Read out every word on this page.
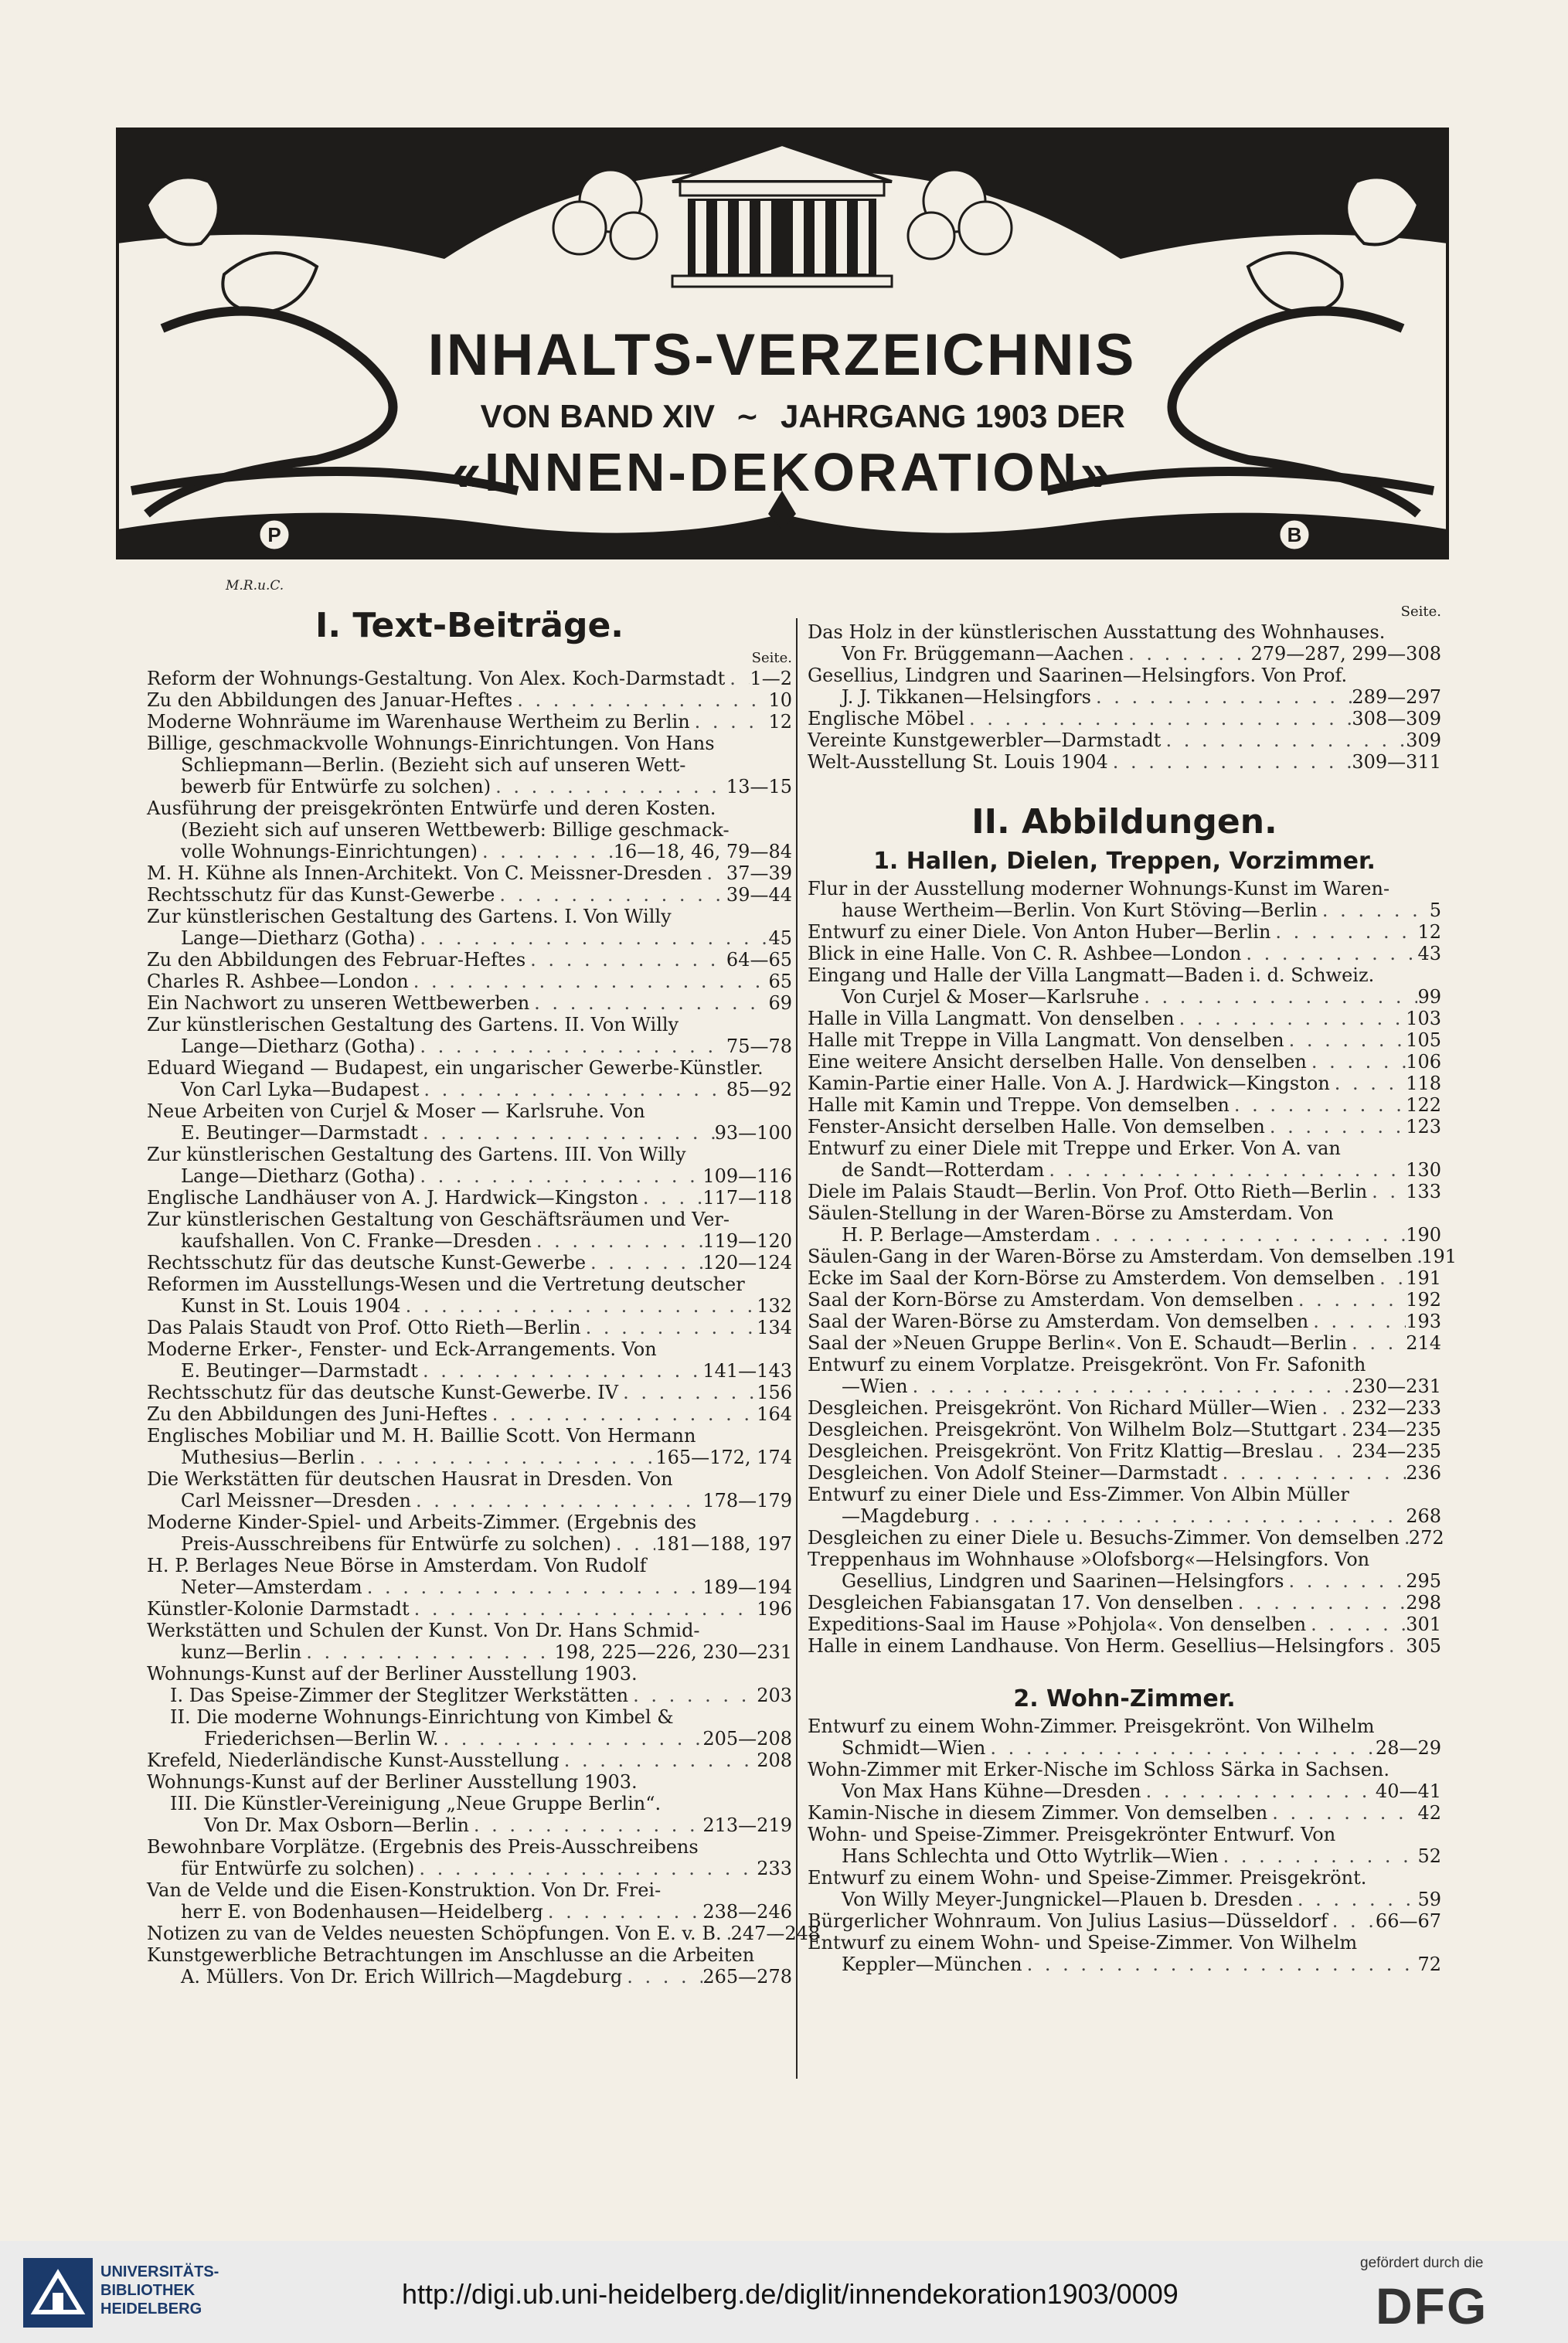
P	B
INHALTS-VERZEICHNIS
VON BAND XIV ~ JAHRGANG 1903 DER
«INNEN-DEKORATION»
M.R.u.C.
I. Text-Beiträge.
Seite.
Reform der Wohnungs-Gestaltung. Von Alex. Koch-Darmstadt . . . 1—2
Zu den Abbildungen des Januar-Heftes . . .	10
Moderne Wohnräume im Warenhause Wertheim zu Berlin . . .	12
Billige, geschmackvolle Wohnungs-Einrichtungen. Von Hans Schliepmann—Berlin. (Bezieht sich auf unseren Wett-
bewerb für Entwürfe zu solchen) . . .	13—15
Ausführung der preisgekrönten Entwürfe und deren Kosten. (Bezieht sich auf unseren Wettbewerb: Billige geschmack-
volle Wohnungs-Einrichtungen) . . .	16—18, 46, 79—84
M. H. Kühne als Innen-Architekt. Von C. Meissner-Dresden . . . 37—39
Rechtsschutz für das Kunst-Gewerbe . . .	39—44
Zur künstlerischen Gestaltung des Gartens. I. Von Willy
Lange—Dietharz (Gotha) . . .	45
Zu den Abbildungen des Februar-Heftes . . .	64—65
Charles R. Ashbee—London . . .	65
Ein Nachwort zu unseren Wettbewerben . . .	69
Zur künstlerischen Gestaltung des Gartens. II. Von Willy
Lange—Dietharz (Gotha) . . .	75—78
Eduard Wiegand — Budapest, ein ungarischer Gewerbe-Künstler.
Von Carl Lyka—Budapest . . .	85—92
Neue Arbeiten von Curjel & Moser — Karlsruhe. Von
E. Beutinger—Darmstadt . . .	93—100
Zur künstlerischen Gestaltung des Gartens. III. Von Willy
Lange—Dietharz (Gotha) . . .	109—116
Englische Landhäuser von A. J. Hardwick—Kingston . . .	117—118
Zur künstlerischen Gestaltung von Geschäftsräumen und Ver-
kaufshallen. Von C. Franke—Dresden . . .	119—120
Rechtsschutz für das deutsche Kunst-Gewerbe . . .	120—124
Reformen im Ausstellungs-Wesen und die Vertretung deutscher
Kunst in St. Louis 1904 . . .	132
Das Palais Staudt von Prof. Otto Rieth—Berlin . . .	134
Moderne Erker-, Fenster- und Eck-Arrangements. Von
E. Beutinger—Darmstadt . . .	141—143
Rechtsschutz für das deutsche Kunst-Gewerbe. IV . . .	156
Zu den Abbildungen des Juni-Heftes . . .	164
Englisches Mobiliar und M. H. Baillie Scott. Von Hermann
Muthesius—Berlin . . .	165—172, 174
Die Werkstätten für deutschen Hausrat in Dresden. Von
Carl Meissner—Dresden . . .	178—179
Moderne Kinder-Spiel- und Arbeits-Zimmer. (Ergebnis des
Preis-Ausschreibens für Entwürfe zu solchen) . . . 181—188, 197
H. P. Berlages Neue Börse in Amsterdam. Von Rudolf
Neter—Amsterdam . . .	189—194
Künstler-Kolonie Darmstadt . . .	196
Werkstätten und Schulen der Kunst. Von Dr. Hans Schmid-
kunz—Berlin . . .	198, 225—226, 230—231
Wohnungs-Kunst auf der Berliner Ausstellung 1903.
I. Das Speise-Zimmer der Steglitzer Werkstätten . . .	203
II. Die moderne Wohnungs-Einrichtung von Kimbel &
Friederichsen—Berlin W. . . .	205—208
Krefeld, Niederländische Kunst-Ausstellung . . .	208
Wohnungs-Kunst auf der Berliner Ausstellung 1903.
III. Die Künstler-Vereinigung „Neue Gruppe Berlin“.
Von Dr. Max Osborn—Berlin . . .	213—219
Bewohnbare Vorplätze. (Ergebnis des Preis-Ausschreibens
für Entwürfe zu solchen) . . .	233
Van de Velde und die Eisen-Konstruktion. Von Dr. Frei-
herr E. von Bodenhausen—Heidelberg . . .	238—246
Notizen zu van de Veldes neuesten Schöpfungen. Von E. v. B. . . . 247—248
Kunstgewerbliche Betrachtungen im Anschlusse an die Arbeiten
A. Müllers. Von Dr. Erich Willrich—Magdeburg . . .	265—278
Seite.
Das Holz in der künstlerischen Ausstattung des Wohnhauses.
Von Fr. Brüggemann—Aachen . . .	279—287, 299—308
Gesellius, Lindgren und Saarinen—Helsingfors. Von Prof.
J. J. Tikkanen—Helsingfors . . .	289—297
Englische Möbel . . .	308—309
Vereinte Kunstgewerbler—Darmstadt . . .	309
Welt-Ausstellung St. Louis 1904 . . .	309—311
II. Abbildungen.
1. Hallen, Dielen, Treppen, Vorzimmer.
Flur in der Ausstellung moderner Wohnungs-Kunst im Waren-
hause Wertheim—Berlin. Von Kurt Stöving—Berlin . . .	5
Entwurf zu einer Diele. Von Anton Huber—Berlin . . .	12
Blick in eine Halle. Von C. R. Ashbee—London . . .	43
Eingang und Halle der Villa Langmatt—Baden i. d. Schweiz.
Von Curjel & Moser—Karlsruhe . . .	99
Halle in Villa Langmatt. Von denselben . . .	103
Halle mit Treppe in Villa Langmatt. Von denselben . . .	105
Eine weitere Ansicht derselben Halle. Von denselben . . .	106
Kamin-Partie einer Halle. Von A. J. Hardwick—Kingston . . .	118
Halle mit Kamin und Treppe. Von demselben . . .	122
Fenster-Ansicht derselben Halle. Von demselben . . .	123
Entwurf zu einer Diele mit Treppe und Erker. Von A. van
de Sandt—Rotterdam . . .	130
Diele im Palais Staudt—Berlin. Von Prof. Otto Rieth—Berlin . . . 133
Säulen-Stellung in der Waren-Börse zu Amsterdam. Von
H. P. Berlage—Amsterdam . . .	190
Säulen-Gang in der Waren-Börse zu Amsterdam. Von demselben . . . 191
Ecke im Saal der Korn-Börse zu Amsterdem. Von demselben . . . 191
Saal der Korn-Börse zu Amsterdam. Von demselben . . .	192
Saal der Waren-Börse zu Amsterdam. Von demselben . . .	193
Saal der »Neuen Gruppe Berlin«. Von E. Schaudt—Berlin . . .	214
Entwurf zu einem Vorplatze. Preisgekrönt. Von Fr. Safonith
—Wien . . .	230—231
Desgleichen. Preisgekrönt. Von Richard Müller—Wien . . . 232—233
Desgleichen. Preisgekrönt. Von Wilhelm Bolz—Stuttgart . . . 234—235
Desgleichen. Preisgekrönt. Von Fritz Klattig—Breslau . . . 234—235
Desgleichen. Von Adolf Steiner—Darmstadt . . .	236
Entwurf zu einer Diele und Ess-Zimmer. Von Albin Müller
—Magdeburg . . .	268
Desgleichen zu einer Diele u. Besuchs-Zimmer. Von demselben . . . 272
Treppenhaus im Wohnhause »Olofsborg«—Helsingfors. Von
Gesellius, Lindgren und Saarinen—Helsingfors . . .	295
Desgleichen Fabiansgatan 17. Von denselben . . .	298
Expeditions-Saal im Hause »Pohjola«. Von denselben . . .	301
Halle in einem Landhause. Von Herm. Gesellius—Helsingfors . . . 305
2. Wohn-Zimmer.
Entwurf zu einem Wohn-Zimmer. Preisgekrönt. Von Wilhelm
Schmidt—Wien . . .	28—29
Wohn-Zimmer mit Erker-Nische im Schloss Särka in Sachsen.
Von Max Hans Kühne—Dresden . . .	40—41
Kamin-Nische in diesem Zimmer. Von demselben . . .	42
Wohn- und Speise-Zimmer. Preisgekrönter Entwurf. Von
Hans Schlechta und Otto Wytrlik—Wien . . .	52
Entwurf zu einem Wohn- und Speise-Zimmer. Preisgekrönt.
Von Willy Meyer-Jungnickel—Plauen b. Dresden . . .	59
Bürgerlicher Wohnraum. Von Julius Lasius—Düsseldorf . . .	66—67
Entwurf zu einem Wohn- und Speise-Zimmer. Von Wilhelm
Keppler—München . . .	72
UNIVERSITÄTS-
BIBLIOTHEK
HEIDELBERG	http://digi.ub.uni-heidelberg.de/diglit/innendekoration1903/0009
gefördert durch die
DFG
